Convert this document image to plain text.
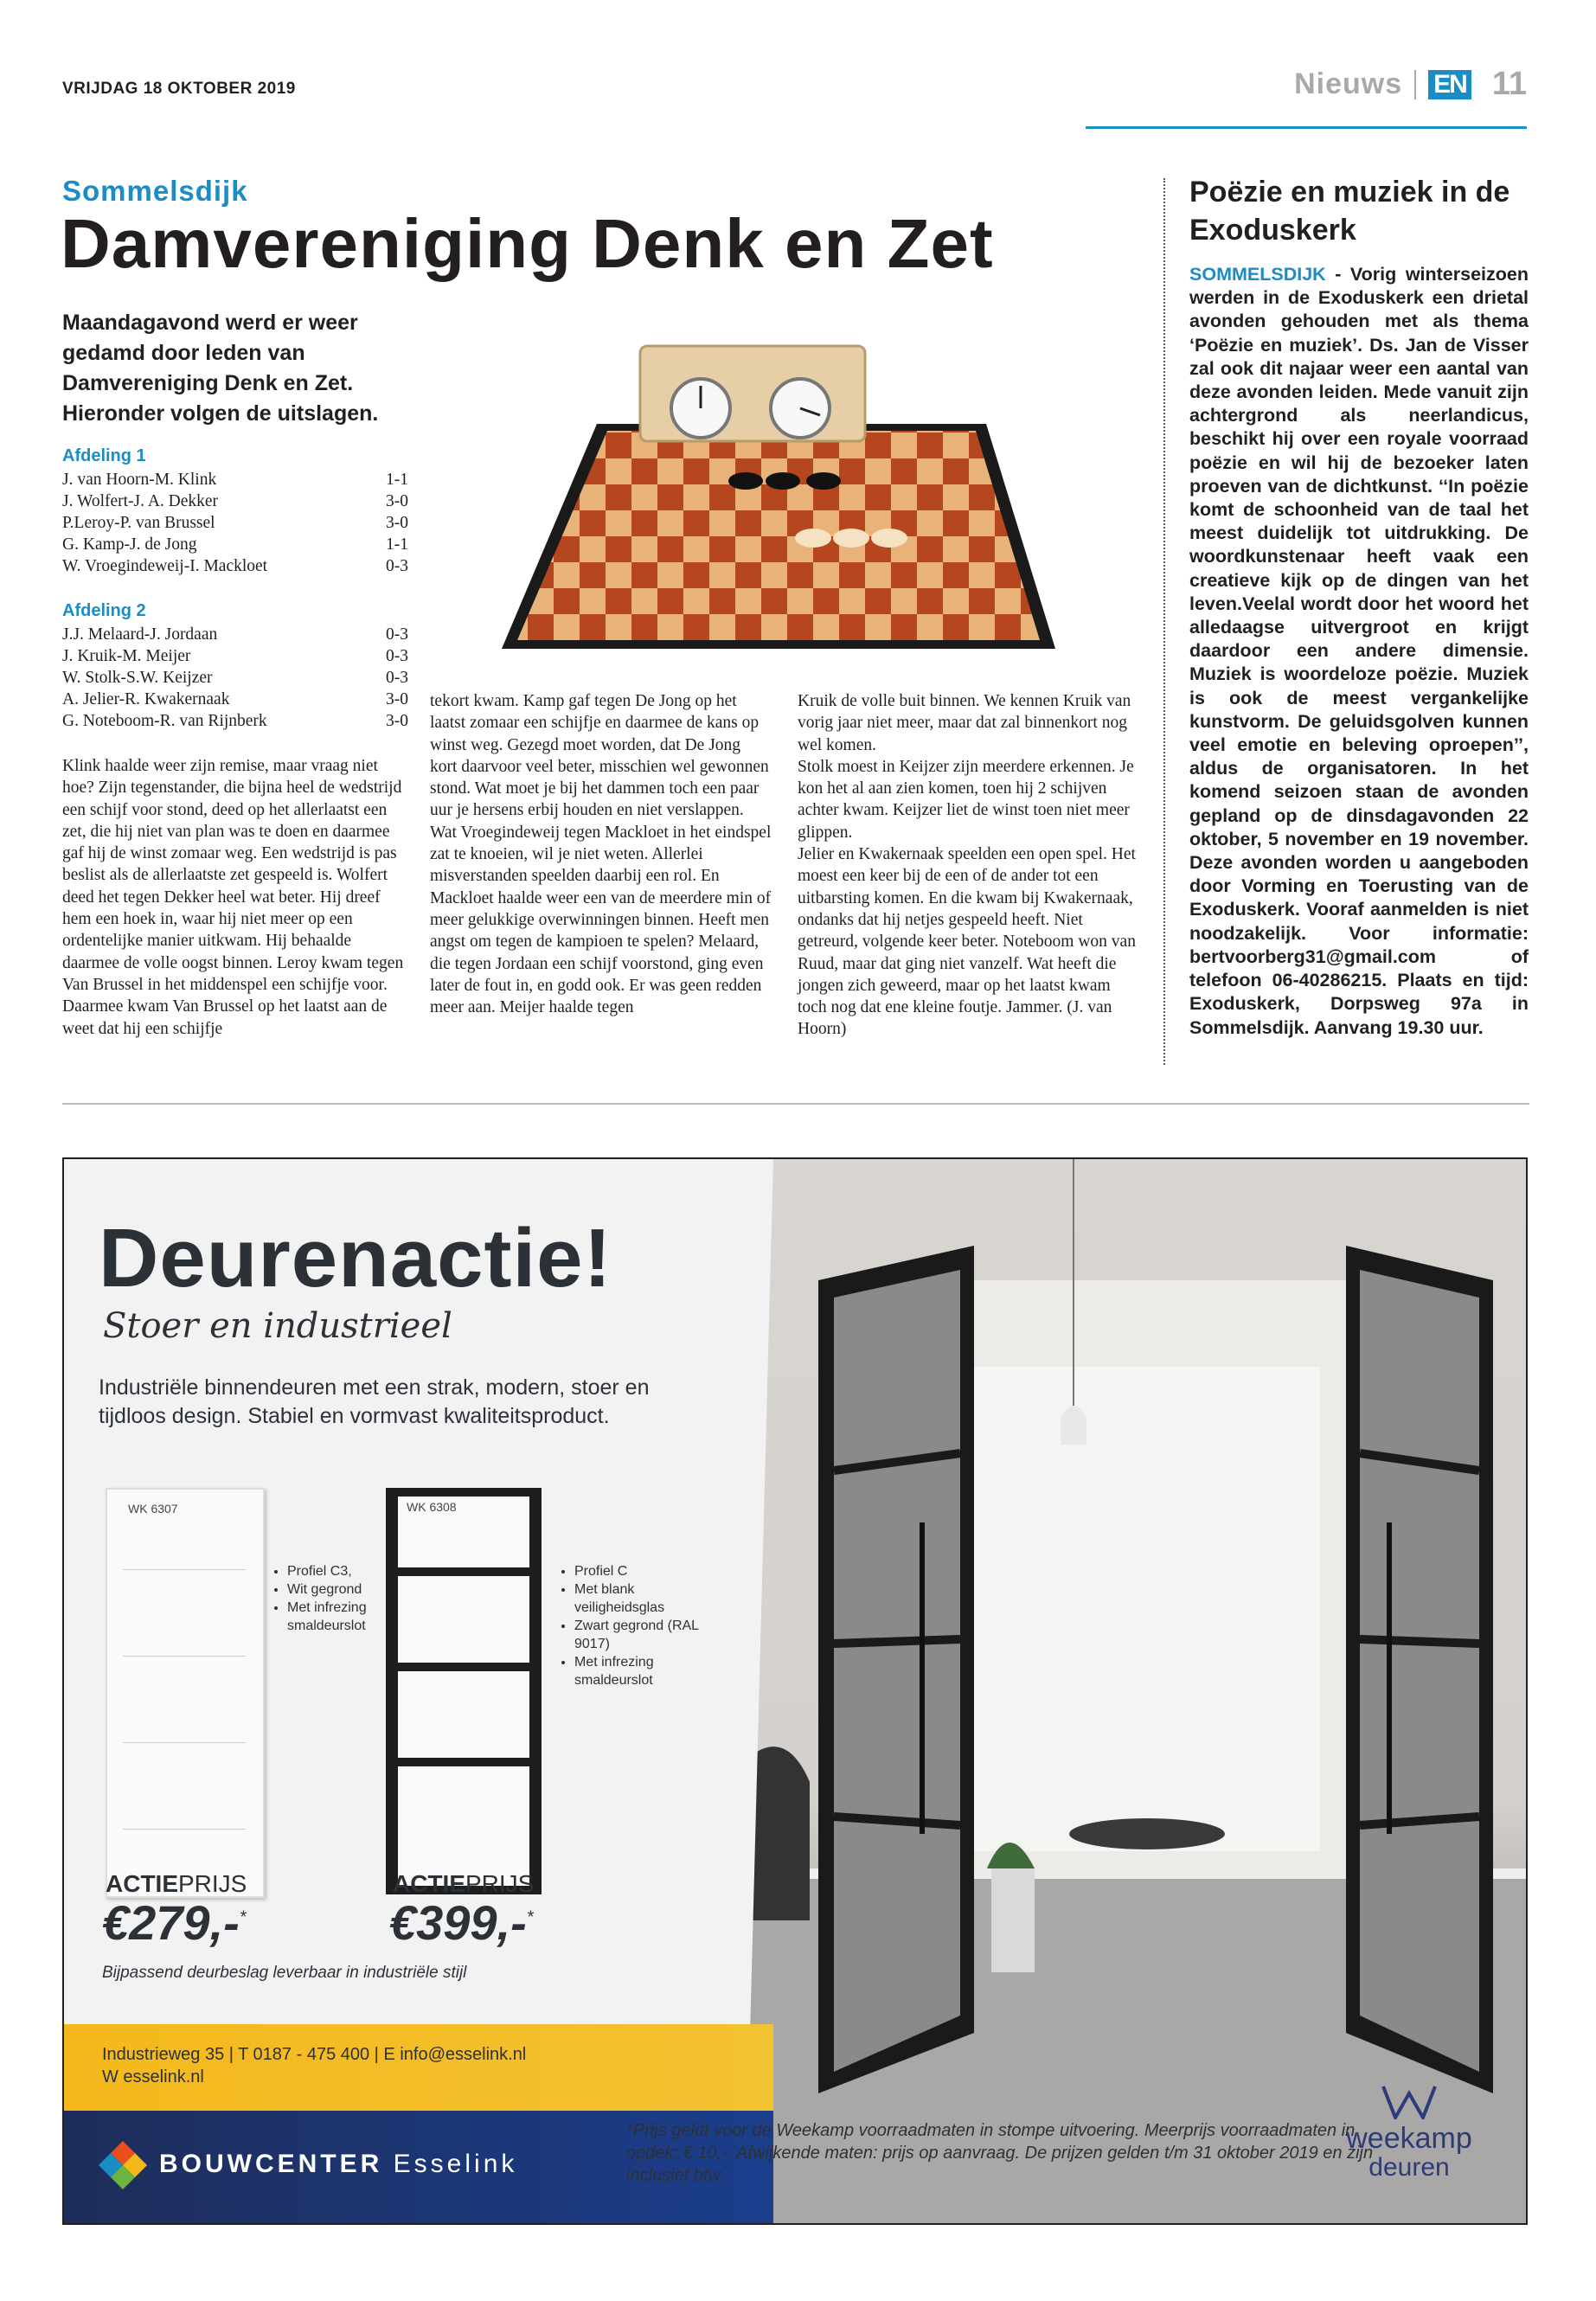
VRIJDAG 18 OKTOBER 2019	Nieuws EN 11
Sommelsdijk
Damvereniging Denk en Zet
Maandagavond werd er weer gedamd door leden van Damvereniging Denk en Zet. Hieronder volgen de uitslagen.
Afdeling 1
J. van Hoorn-M. Klink	1-1
J. Wolfert-J. A. Dekker	3-0
P.Leroy-P. van Brussel	3-0
G. Kamp-J. de Jong	1-1
W. Vroegindeweij-I. Mackloet	0-3
Afdeling 2
J.J. Melaard-J. Jordaan	0-3
J. Kruik-M. Meijer	0-3
W. Stolk-S.W. Keijzer	0-3
A. Jelier-R. Kwakernaak	3-0
G. Noteboom-R. van Rijnberk	3-0

Klink haalde weer zijn remise, maar vraag niet hoe? Zijn tegenstander, die bijna heel de wedstrijd een schijf voor stond, deed op het allerlaatst een zet, die hij niet van plan was te doen en daarmee gaf hij de winst zomaar weg. Een wedstrijd is pas beslist als de allerlaatste zet gespeeld is. Wolfert deed het tegen Dekker heel wat beter. Hij dreef hem een hoek in, waar hij niet meer op een ordentelijke manier uitkwam. Hij behaalde daarmee de volle oogst binnen. Leroy kwam tegen Van Brussel in het middenspel een schijfje voor. Daarmee kwam Van Brussel op het laatst aan de weet dat hij een schijfje

tekort kwam. Kamp gaf tegen De Jong op het laatst zomaar een schijfje en daarmee de kans op winst weg. Gezegd moet worden, dat De Jong kort daarvoor veel beter, misschien wel gewonnen stond. Wat moet je bij het dammen toch een paar uur je hersens erbij houden en niet verslappen. Wat Vroegindeweij tegen Mackloet in het eindspel zat te knoeien, wil je niet weten. Allerlei misverstanden speelden daarbij een rol. En Mackloet haalde weer een van de meerdere min of meer gelukkige overwinningen binnen. Heeft men angst om tegen de kampioen te spelen? Melaard, die tegen Jordaan een schijf voorstond, ging even later de fout in, en godd ook. Er was geen redden meer aan. Meijer haalde tegen

Kruik de volle buit binnen. We kennen Kruik van vorig jaar niet meer, maar dat zal binnenkort nog wel komen.

Stolk moest in Keijzer zijn meerdere erkennen. Je kon het al aan zien komen, toen hij 2 schijven achter kwam. Keijzer liet de winst toen niet meer glippen.

Jelier en Kwakernaak speelden een open spel. Het moest een keer bij de een of de ander tot een uitbarsting komen. En die kwam bij Kwakernaak, ondanks dat hij netjes gespeeld heeft. Niet getreurd, volgende keer beter. Noteboom won van Ruud, maar dat ging niet vanzelf. Wat heeft die jongen zich geweerd, maar op het laatst kwam toch nog dat ene kleine foutje. Jammer. (J. van Hoorn)

Poëzie en muziek in de Exoduskerk
SOMMELSDIJK - Vorig winterseizoen werden in de Exoduskerk een drietal avonden gehouden met als thema ‘Poëzie en muziek’. Ds. Jan de Visser zal ook dit najaar weer een aantal van deze avonden leiden. Mede vanuit zijn achtergrond als neerlandicus, beschikt hij over een royale voorraad poëzie en wil hij de bezoeker laten proeven van de dichtkunst. ‘‘In poëzie komt de schoonheid van de taal het meest duidelijk tot uitdrukking. De woordkunstenaar heeft vaak een creatieve kijk op de dingen van het leven.Veelal wordt door het woord het alledaagse uitvergroot en krijgt daardoor een andere dimensie. Muziek is woordeloze poëzie. Muziek is ook de meest vergankelijke kunstvorm. De geluidsgolven kunnen veel emotie en beleving oproepen’’, aldus de organisatoren. In het komend seizoen staan de avonden gepland op de dinsdagavonden 22 oktober, 5 november en 19 november. Deze avonden worden u aangeboden door Vorming en Toerusting van de Exoduskerk. Vooraf aanmelden is niet noodzakelijk. Voor informatie: bertvoorberg31@gmail.com of telefoon 06-40286215. Plaats en tijd: Exoduskerk, Dorpsweg 97a in Sommelsdijk. Aanvang 19.30 uur.
Deurenactie!
Stoer en industrieel
Industriële binnendeuren met een strak, modern, stoer en tijdloos design. Stabiel en vormvast kwaliteitsproduct.
WK 6307
• Profiel C3,
• Wit gegrond
• Met infrezing smaldeurslot
ACTIEPRIJS
€279,-*
WK 6308
• Profiel C
• Met blank veiligheidsglas
• Zwart gegrond (RAL 9017)
• Met infrezing smaldeurslot
ACTIEPRIJS
€399,-*
Bijpassend deurbeslag leverbaar in industriële stijl
Industrieweg 35 | T 0187 - 475 400 | E info@esselink.nl
W esselink.nl
BOUWCENTER Esselink
*Prijs geldt voor de Weekamp voorraadmaten in stompe uitvoering. Meerprijs voorraadmaten in opdek: € 10,-. Afwijkende maten: prijs op aanvraag. De prijzen gelden t/m 31 oktober 2019 en zijn inclusief btw.
weekamp
deuren
